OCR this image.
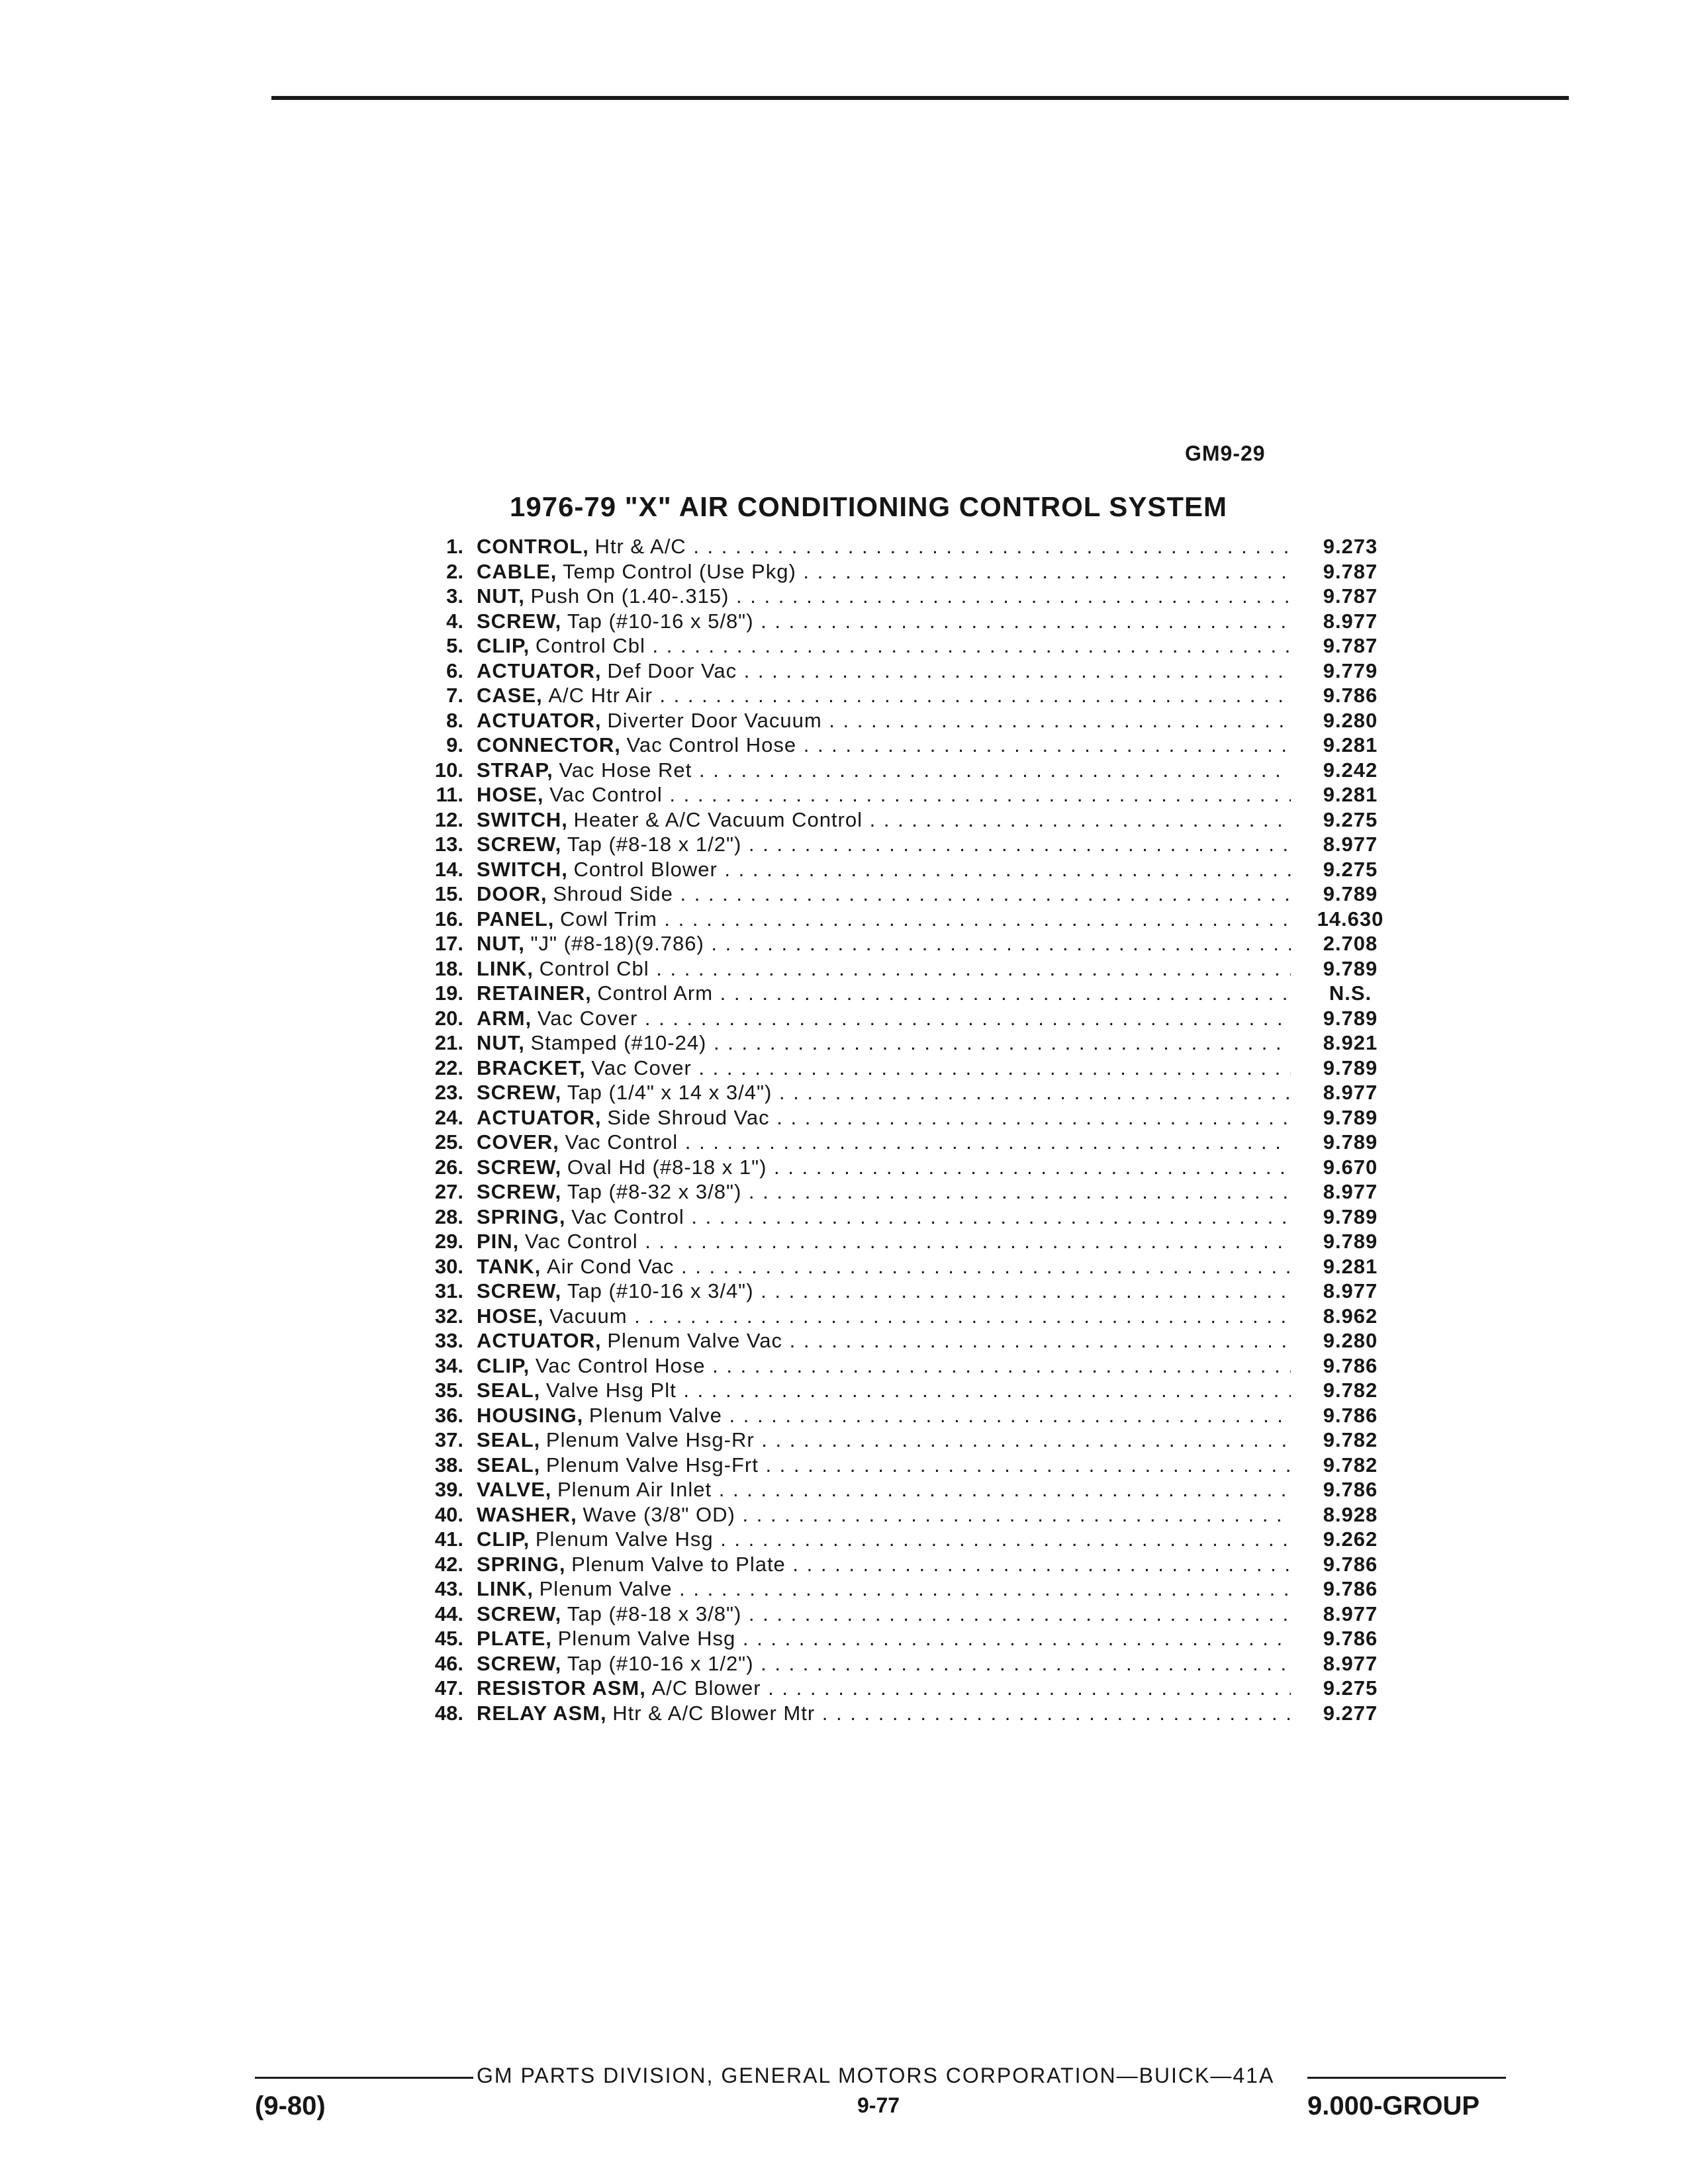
GM9-29
1976-79 "X" AIR CONDITIONING CONTROL SYSTEM
1. CONTROL, Htr & A/C . . .	9.273
2. CABLE, Temp Control (Use Pkg) . . .	9.787
3. NUT, Push On (1.40-.315) . . .	9.787
4. SCREW, Tap (#10-16 x 5/8") . . .	8.977
5. CLIP, Control Cbl . . .	9.787
6. ACTUATOR, Def Door Vac . . .	9.779
7. CASE, A/C Htr Air . . .	9.786
8. ACTUATOR, Diverter Door Vacuum . . .	9.280
9. CONNECTOR, Vac Control Hose . . .	9.281
10. STRAP, Vac Hose Ret . . .	9.242
11. HOSE, Vac Control . . .	9.281
12. SWITCH, Heater & A/C Vacuum Control . . .	9.275
13. SCREW, Tap (#8-18 x 1/2") . . .	8.977
14. SWITCH, Control Blower . . .	9.275
15. DOOR, Shroud Side . . .	9.789
16. PANEL, Cowl Trim . . .	14.630
17. NUT, "J" (#8-18)(9.786) . . .	2.708
18. LINK, Control Cbl . . .	9.789
19. RETAINER, Control Arm . . .	N.S.
20. ARM, Vac Cover . . .	9.789
21. NUT, Stamped (#10-24) . . .	8.921
22. BRACKET, Vac Cover . . .	9.789
23. SCREW, Tap (1/4" x 14 x 3/4") . . .	8.977
24. ACTUATOR, Side Shroud Vac . . .	9.789
25. COVER, Vac Control . . .	9.789
26. SCREW, Oval Hd (#8-18 x 1") . . .	9.670
27. SCREW, Tap (#8-32 x 3/8") . . .	8.977
28. SPRING, Vac Control . . .	9.789
29. PIN, Vac Control . . .	9.789
30. TANK, Air Cond Vac . . .	9.281
31. SCREW, Tap (#10-16 x 3/4") . . .	8.977
32. HOSE, Vacuum . . .	8.962
33. ACTUATOR, Plenum Valve Vac . . .	9.280
34. CLIP, Vac Control Hose . . .	9.786
35. SEAL, Valve Hsg Plt . . .	9.782
36. HOUSING, Plenum Valve . . .	9.786
37. SEAL, Plenum Valve Hsg-Rr . . .	9.782
38. SEAL, Plenum Valve Hsg-Frt . . .	9.782
39. VALVE, Plenum Air Inlet . . .	9.786
40. WASHER, Wave (3/8" OD) . . .	8.928
41. CLIP, Plenum Valve Hsg . . .	9.262
42. SPRING, Plenum Valve to Plate . . .	9.786
43. LINK, Plenum Valve . . .	9.786
44. SCREW, Tap (#8-18 x 3/8") . . .	8.977
45. PLATE, Plenum Valve Hsg . . .	9.786
46. SCREW, Tap (#10-16 x 1/2") . . .	8.977
47. RESISTOR ASM, A/C Blower . . .	9.275
48. RELAY ASM, Htr & A/C Blower Mtr . . .	9.277
GM PARTS DIVISION, GENERAL MOTORS CORPORATION—BUICK—41A
(9-80)	9-77	9.000-GROUP
